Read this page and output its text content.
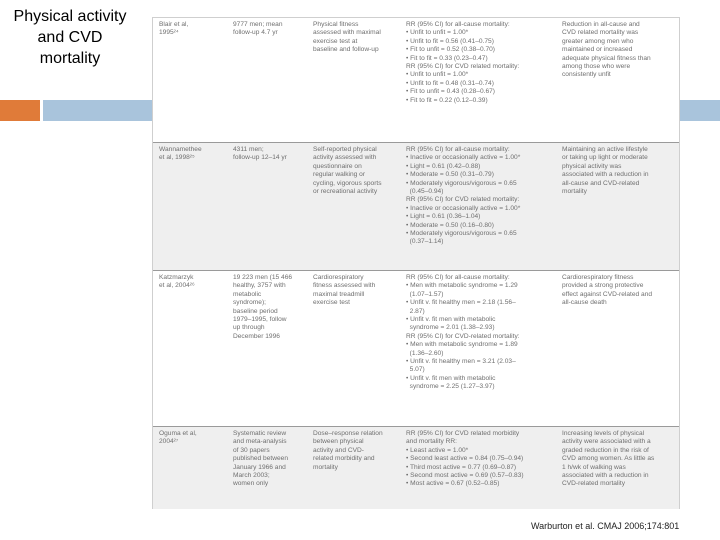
Physical activity
and CVD
mortality
Blair et al,
1995²⁴
9777 men; mean
follow-up 4.7 yr
Physical fitness
assessed with maximal
exercise test at
baseline and follow-up
RR (95% CI) for all-cause mortality:
• Unfit to unfit = 1.00*
• Unfit to fit = 0.56 (0.41–0.75)
• Fit to unfit = 0.52 (0.38–0.70)
• Fit to fit = 0.33 (0.23–0.47)
RR (95% CI) for CVD related mortality:
• Unfit to unfit = 1.00*
• Unfit to fit = 0.48 (0.31–0.74)
• Fit to unfit = 0.43 (0.28–0.67)
• Fit to fit = 0.22 (0.12–0.39)
Reduction in all-cause and
CVD related mortality was
greater among men who
maintained or increased
adequate physical fitness than
among those who were
consistently unfit
Wannamethee
et al, 1998²⁵
4311 men;
follow-up 12–14 yr
Self-reported physical
activity assessed with
questionnaire on
regular walking or
cycling, vigorous sports
or recreational activity
RR (95% CI) for all-cause mortality:
• Inactive or occasionally active = 1.00*
• Light = 0.61 (0.42–0.88)
• Moderate = 0.50 (0.31–0.79)
• Moderately vigorous/vigorous = 0.65
(0.45–0.94)
RR (95% CI) for CVD related mortality:
• Inactive or occasionally active = 1.00*
• Light = 0.61 (0.36–1.04)
• Moderate = 0.50 (0.16–0.80)
• Moderately vigorous/vigorous = 0.65
(0.37–1.14)
Maintaining an active lifestyle
or taking up light or moderate
physical activity was
associated with a reduction in
all-cause and CVD-related
mortality
Katzmarzyk
et al, 2004²⁶
19 223 men (15 466
healthy, 3757 with
metabolic
syndrome);
baseline period
1979–1995, follow
up through
December 1996
Cardiorespiratory
fitness assessed with
maximal treadmill
exercise test
RR (95% CI) for all-cause mortality:
• Men with metabolic syndrome = 1.29
(1.07–1.57)
• Unfit v. fit healthy men = 2.18 (1.56–
2.87)
• Unfit v. fit men with metabolic
syndrome = 2.01 (1.38–2.93)
RR (95% CI) for CVD-related mortality:
• Men with metabolic syndrome = 1.89
(1.36–2.60)
• Unfit v. fit healthy men = 3.21 (2.03–
5.07)
• Unfit v. fit men with metabolic
syndrome = 2.25 (1.27–3.97)
Cardiorespiratory fitness
provided a strong protective
effect against CVD-related and
all-cause death
Oguma et al,
2004²⁷
Systematic review
and meta-analysis
of 30 papers
published between
January 1966 and
March 2003;
women only
Dose–response relation
between physical
activity and CVD-
related morbidity and
mortality
RR (95% CI) for CVD related morbidity
and mortality RR:
• Least active = 1.00*
• Second least active = 0.84 (0.75–0.94)
• Third most active = 0.77 (0.69–0.87)
• Second most active = 0.69 (0.57–0.83)
• Most active = 0.67 (0.52–0.85)
Increasing levels of physical
activity were associated with a
graded reduction in the risk of
CVD among women. As little as
1 h/wk of walking was
associated with a reduction in
CVD-related mortality
Warburton et al. CMAJ 2006;174:801
